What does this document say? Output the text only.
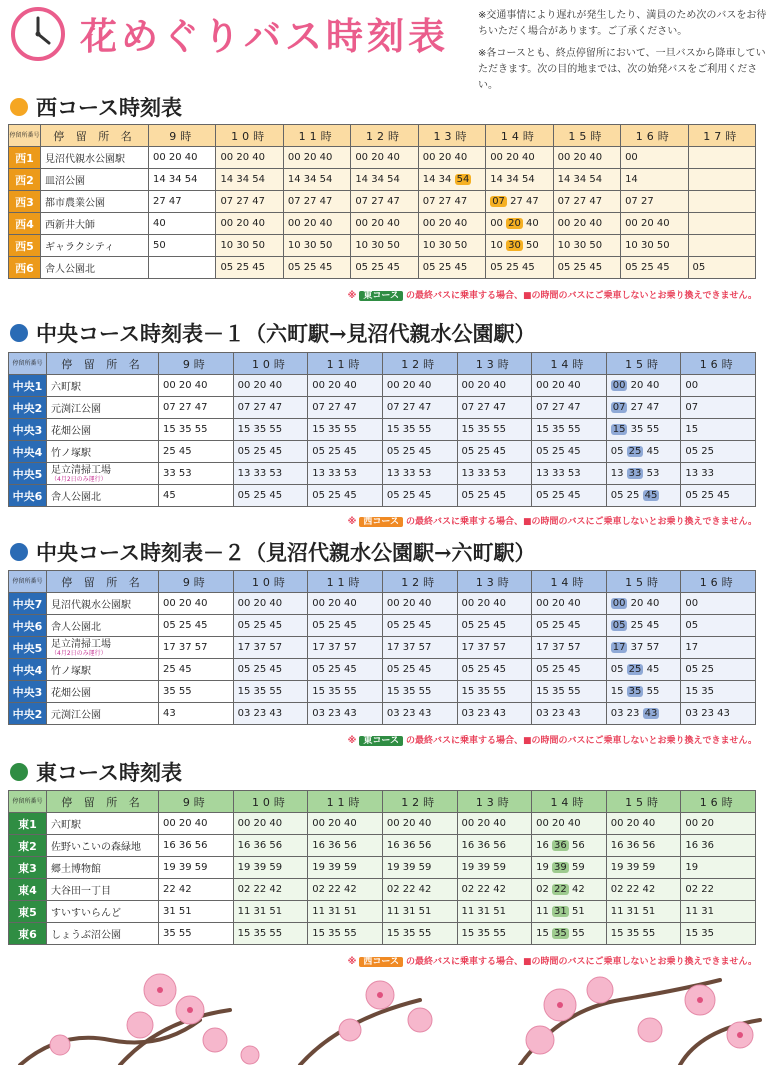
花めぐりバス時刻表	※交通事情により遅れが発生したり、満員のため次のバスをお待ちいただく場合があります。ご了承ください。

※各コースとも、終点停留所において、一旦バスから降車していただきます。次の目的地までは、次の始発バスをご利用ください。

西コース時刻表
停留所番号	停 留 所 名	9時	10時	11時	12時	13時	14時	15時	16時	17時
西1	見沼代親水公園駅	00 20 40	00 20 40	00 20 40	00 20 40	00 20 40	00 20 40	00 20 40	00	
西2	皿沼公園	14 34 54	14 34 54	14 34 54	14 34 54	14 34 54	14 34 54	14 34 54	14	
西3	都市農業公園	27 47	07 27 47	07 27 47	07 27 47	07 27 47	07 27 47	07 27 47	07 27	
西4	西新井大師	40	00 20 40	00 20 40	00 20 40	00 20 40	00 20 40	00 20 40	00 20 40	
西5	ギャラクシティ	50	10 30 50	10 30 50	10 30 50	10 30 50	10 30 50	10 30 50	10 30 50	
西6	舎人公園北		05 25 45	05 25 45	05 25 45	05 25 45	05 25 45	05 25 45	05 25 45	05
※ 東コース の最終バスに乗車する場合、■の時間のバスにご乗車しないとお乗り換えできません。
中央コース時刻表－１（六町駅→見沼代親水公園駅）
停留所番号	停 留 所 名	9時	10時	11時	12時	13時	14時	15時	16時
中央1	六町駅	00 20 40	00 20 40	00 20 40	00 20 40	00 20 40	00 20 40	00 20 40	00
中央2	元渕江公園	07 27 47	07 27 47	07 27 47	07 27 47	07 27 47	07 27 47	07 27 47	07
中央3	花畑公園	15 35 55	15 35 55	15 35 55	15 35 55	15 35 55	15 35 55	15 35 55	15
中央4	竹ノ塚駅	25 45	05 25 45	05 25 45	05 25 45	05 25 45	05 25 45	05 25 45	05 25
中央5	足立清掃工場
（4月2日のみ運行）	33 53	13 33 53	13 33 53	13 33 53	13 33 53	13 33 53	13 33 53	13 33
中央6	舎人公園北	45	05 25 45	05 25 45	05 25 45	05 25 45	05 25 45	05 25 45	05 25 45
※ 西コース の最終バスに乗車する場合、■の時間のバスにご乗車しないとお乗り換えできません。
中央コース時刻表－２（見沼代親水公園駅→六町駅）
停留所番号	停 留 所 名	9時	10時	11時	12時	13時	14時	15時	16時
中央7	見沼代親水公園駅	00 20 40	00 20 40	00 20 40	00 20 40	00 20 40	00 20 40	00 20 40	00
中央6	舎人公園北	05 25 45	05 25 45	05 25 45	05 25 45	05 25 45	05 25 45	05 25 45	05
中央5	足立清掃工場
（4月2日のみ運行）	17 37 57	17 37 57	17 37 57	17 37 57	17 37 57	17 37 57	17 37 57	17
中央4	竹ノ塚駅	25 45	05 25 45	05 25 45	05 25 45	05 25 45	05 25 45	05 25 45	05 25
中央3	花畑公園	35 55	15 35 55	15 35 55	15 35 55	15 35 55	15 35 55	15 35 55	15 35
中央2	元渕江公園	43	03 23 43	03 23 43	03 23 43	03 23 43	03 23 43	03 23 43	03 23 43
※ 東コース の最終バスに乗車する場合、■の時間のバスにご乗車しないとお乗り換えできません。
東コース時刻表
停留所番号	停 留 所 名	9時	10時	11時	12時	13時	14時	15時	16時
東1	六町駅	00 20 40	00 20 40	00 20 40	00 20 40	00 20 40	00 20 40	00 20 40	00 20
東2	佐野いこいの森緑地	16 36 56	16 36 56	16 36 56	16 36 56	16 36 56	16 36 56	16 36 56	16 36
東3	郷土博物館	19 39 59	19 39 59	19 39 59	19 39 59	19 39 59	19 39 59	19 39 59	19
東4	大谷田一丁目	22 42	02 22 42	02 22 42	02 22 42	02 22 42	02 22 42	02 22 42	02 22
東5	すいすいらんど	31 51	11 31 51	11 31 51	11 31 51	11 31 51	11 31 51	11 31 51	11 31
東6	しょうぶ沼公園	35 55	15 35 55	15 35 55	15 35 55	15 35 55	15 35 55	15 35 55	15 35
※ 西コース の最終バスに乗車する場合、■の時間のバスにご乗車しないとお乗り換えできません。
